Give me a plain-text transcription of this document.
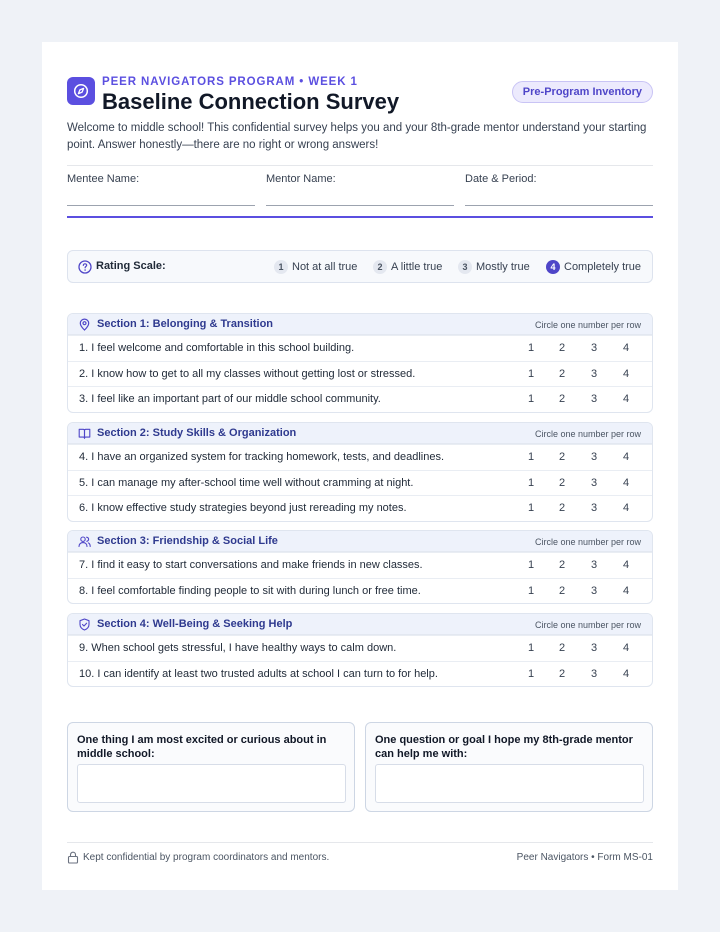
PEER NAVIGATORS PROGRAM • WEEK 1
Baseline Connection Survey	Pre-Program Inventory
Welcome to middle school! This confidential survey helps you and your 8th-grade mentor understand your starting point. Answer honestly—there are no right or wrong answers!
Mentee Name:	Mentor Name:	Date & Period:
Rating Scale:	1 Not at all true	2 A little true	3 Mostly true	4 Completely true
Section 1: Belonging & Transition	Circle one number per row
1. I feel welcome and comfortable in this school building.	1	2	3	4
2. I know how to get to all my classes without getting lost or stressed.	1	2	3	4
3. I feel like an important part of our middle school community.	1	2	3	4
Section 2: Study Skills & Organization	Circle one number per row
4. I have an organized system for tracking homework, tests, and deadlines.	1	2	3	4
5. I can manage my after-school time well without cramming at night.	1	2	3	4
6. I know effective study strategies beyond just rereading my notes.	1	2	3	4
Section 3: Friendship & Social Life	Circle one number per row
7. I find it easy to start conversations and make friends in new classes.	1	2	3	4
8. I feel comfortable finding people to sit with during lunch or free time.	1	2	3	4
Section 4: Well-Being & Seeking Help	Circle one number per row
9. When school gets stressful, I have healthy ways to calm down.	1	2	3	4
10. I can identify at least two trusted adults at school I can turn to for help.	1	2	3	4
One thing I am most excited or curious about in middle school:
One question or goal I hope my 8th-grade mentor can help me with:
Kept confidential by program coordinators and mentors.	Peer Navigators • Form MS-01
